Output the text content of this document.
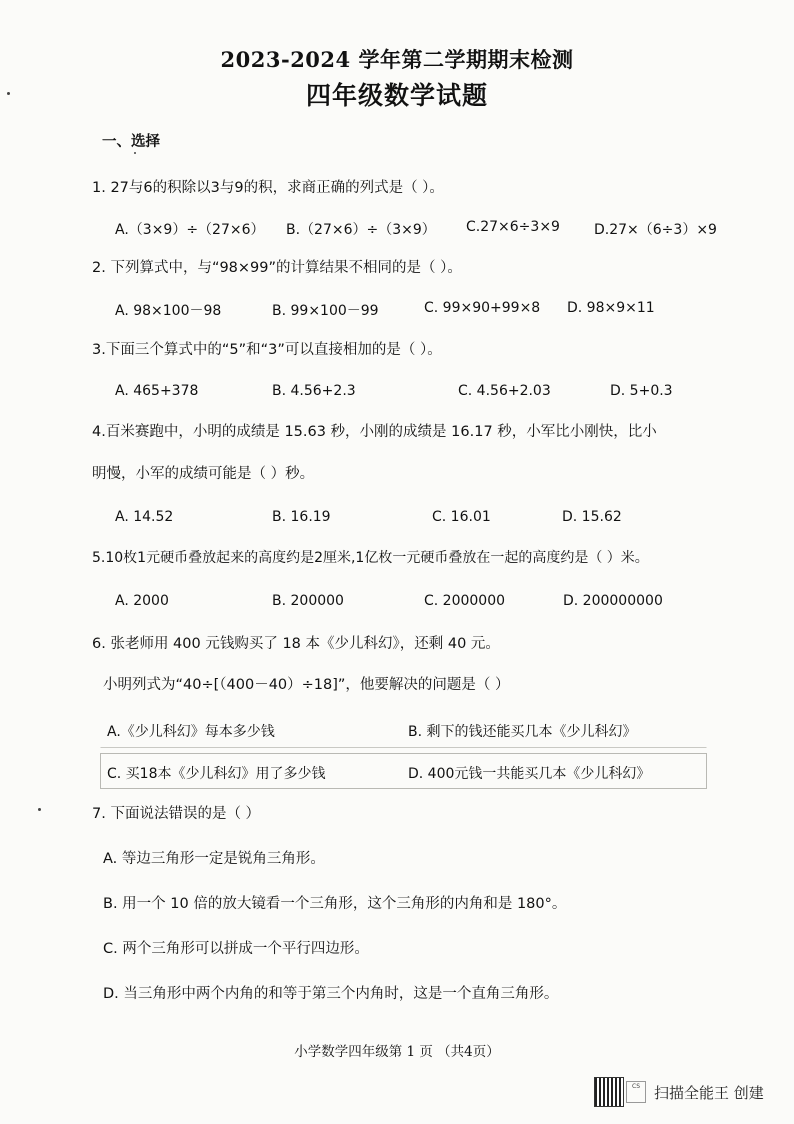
2023-2024 学年第二学期期末检测
四年级数学试题
一、选择
1. 27与6的积除以3与9的积，求商正确的列式是（ ）。
A.（3×9）÷（27×6） B.（27×6）÷（3×9） C.27×6÷3×9 D.27×（6÷3）×9
2. 下列算式中，与“98×99”的计算结果不相同的是（ ）。
A. 98×100－98	B. 99×100－99	C. 99×90+99×8 D. 98×9×11
3.下面三个算式中的“5”和“3”可以直接相加的是（ ）。
A. 465+378	B. 4.56+2.3	C. 4.56+2.03	D. 5+0.3
4.百米赛跑中，小明的成绩是 15.63 秒，小刚的成绩是 16.17 秒，小军比小刚快，比小
明慢，小军的成绩可能是（ ）秒。
A. 14.52	B. 16.19	C. 16.01	D. 15.62
5.10枚1元硬币叠放起来的高度约是2厘米,1亿枚一元硬币叠放在一起的高度约是（ ）米。
A. 2000	B. 200000	C. 2000000	D. 200000000
6. 张老师用 400 元钱购买了 18 本《少儿科幻》，还剩 40 元。
小明列式为“40÷[（400－40）÷18]”，他要解决的问题是（ ）
A.《少儿科幻》每本多少钱	B. 剩下的钱还能买几本《少儿科幻》
C. 买18本《少儿科幻》用了多少钱	D. 400元钱一共能买几本《少儿科幻》
7. 下面说法错误的是（ ）
A. 等边三角形一定是锐角三角形。
B. 用一个 10 倍的放大镜看一个三角形，这个三角形的内角和是 180°。
C. 两个三角形可以拼成一个平行四边形。
D. 当三角形中两个内角的和等于第三个内角时，这是一个直角三角形。
小学数学四年级第 1 页 （共4页）
CS 扫描全能王 创建
